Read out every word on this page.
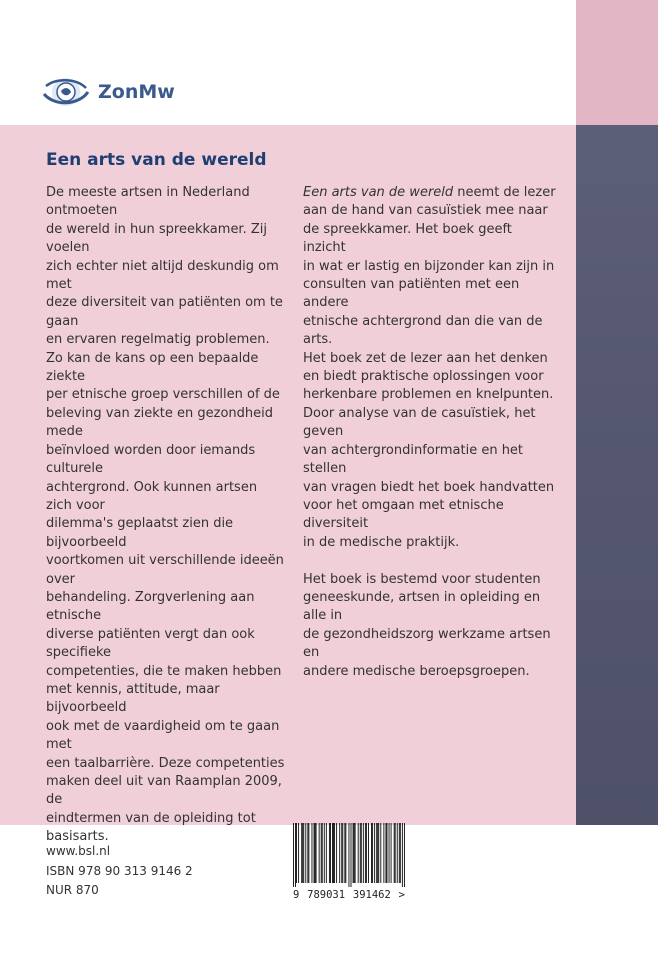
ZonMw
Een arts van de wereld

De meeste artsen in Nederland ontmoeten

de wereld in hun spreekkamer. Zij voelen

zich echter niet altijd deskundig om met

deze diversiteit van patiënten om te gaan

en ervaren regelmatig problemen.

Zo kan de kans op een bepaalde ziekte

per etnische groep verschillen of de

beleving van ziekte en gezondheid mede

beïnvloed worden door iemands culturele

achtergrond. Ook kunnen artsen zich voor

dilemma's geplaatst zien die bijvoorbeeld

voortkomen uit verschillende ideeën over

behandeling. Zorgverlening aan etnische

diverse patiënten vergt dan ook specifieke

competenties, die te maken hebben

met kennis, attitude, maar bijvoorbeeld

ook met de vaardigheid om te gaan met

een taalbarrière. Deze competenties

maken deel uit van Raamplan 2009, de

eindtermen van de opleiding tot basisarts.

Een arts van de wereld neemt de lezer

aan de hand van casuïstiek mee naar

de spreekkamer. Het boek geeft inzicht

in wat er lastig en bijzonder kan zijn in

consulten van patiënten met een andere

etnische achtergrond dan die van de arts.

Het boek zet de lezer aan het denken

en biedt praktische oplossingen voor

herkenbare problemen en knelpunten.

Door analyse van de casuïstiek, het geven

van achtergrondinformatie en het stellen

van vragen biedt het boek handvatten

voor het omgaan met etnische diversiteit

in de medische praktijk.

Het boek is bestemd voor studenten

geneeskunde, artsen in opleiding en alle in

de gezondheidszorg werkzame artsen en

andere medische beroepsgroepen.

www.bsl.nl
ISBN 978 90 313 9146 2
NUR 870	9 789031 391462 >
